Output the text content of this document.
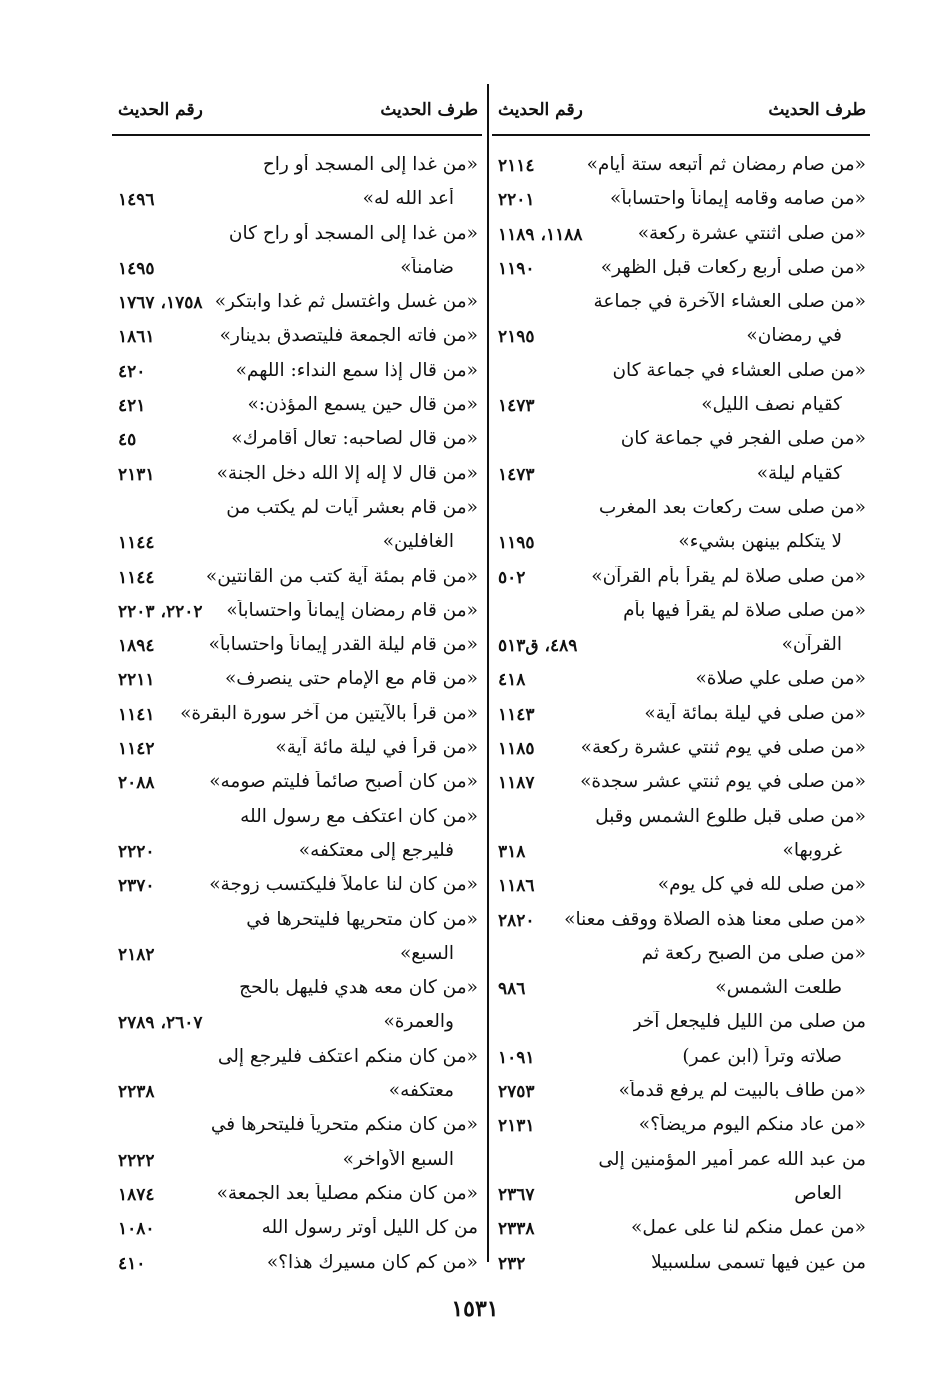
طرف الحديث
رقم الحديث
«من صام رمضان ثم أتبعه ستة أيام»
٢١١٤
«من صامه وقامه إيماناً واحتساباً»
٢٢٠١
«من صلى اثنتي عشرة ركعة»
١١٨٨، ١١٨٩
«من صلى أربع ركعات قبل الظهر»
١١٩٠
«من صلى العشاء الآخرة في جماعة
في رمضان»
٢١٩٥
«من صلى العشاء في جماعة كان
كقيام نصف الليل»
١٤٧٣
«من صلى الفجر في جماعة كان
كقيام ليلة»
١٤٧٣
«من صلى ست ركعات بعد المغرب
لا يتكلم بينهن بشيء»
١١٩٥
«من صلى صلاة لم يقرأ بأم القرآن»
٥٠٢
«من صلى صلاة لم يقرأ فيها بأم
القرآن»
٤٨٩، ق٥١٣
«من صلى علي صلاة»
٤١٨
«من صلى في ليلة بمائة آية»
١١٤٣
«من صلى في يوم ثنتي عشرة ركعة»
١١٨٥
«من صلى في يوم ثنتي عشر سجدة»
١١٨٧
«من صلى قبل طلوع الشمس وقبل
غروبها»
٣١٨
«من صلى لله في كل يوم»
١١٨٦
«من صلى معنا هذه الصلاة ووقف معنا»
٢٨٢٠
«من صلى من الصبح ركعة ثم
طلعت الشمس»
٩٨٦
من صلى من الليل فليجعل آخر
صلاته وتراً (ابن عمر)
١٠٩١
«من طاف بالبيت لم يرفع قدماً»
٢٧٥٣
«من عاد منكم اليوم مريضاً؟»
٢١٣١
من عبد الله عمر أمير المؤمنين إلى
العاص
٢٣٦٧
«من عمل منكم لنا على عمل»
٢٣٣٨
من عين فيها تسمى سلسبيلا
٢٣٢
طرف الحديث
رقم الحديث
«من غدا إلى المسجد أو راح
أعد الله له»
١٤٩٦
«من غدا إلى المسجد أو راح كان
ضامناً»
١٤٩٥
«من غسل واغتسل ثم غدا وابتكر»
١٧٥٨، ١٧٦٧
«من فاته الجمعة فليتصدق بدينار»
١٨٦١
«من قال إذا سمع النداء: اللهم»
٤٢٠
«من قال حين يسمع المؤذن:»
٤٢١
«من قال لصاحبه: تعال أقامرك»
٤٥
«من قال لا إله إلا الله دخل الجنة»
٢١٣١
«من قام بعشر آيات لم يكتب من
الغافلين»
١١٤٤
«من قام بمئة آية كتب من القانتين»
١١٤٤
«من قام رمضان إيماناً واحتساباً»
٢٢٠٢، ٢٢٠٣
«من قام ليلة القدر إيماناً واحتساباً»
١٨٩٤
«من قام مع الإمام حتى ينصرف»
٢٢١١
«من قرأ بالآيتين من آخر سورة البقرة»
١١٤١
«من قرأ في ليلة مائة آية»
١١٤٢
«من كان أصبح صائماً فليتم صومه»
٢٠٨٨
«من كان اعتكف مع رسول الله
فليرجع إلى معتكفه»
٢٢٢٠
«من كان لنا عاملاً فليكتسب زوجة»
٢٣٧٠
«من كان متحريها فليتحرها في
السبع»
٢١٨٢
«من كان معه هدي فليهل بالحج
والعمرة»
٢٦٠٧، ٢٧٨٩
«من كان منكم اعتكف فليرجع إلى
معتكفه»
٢٢٣٨
«من كان منكم متحرياً فليتحرها في
السبع الأواخر»
٢٢٢٢
«من كان منكم مصلياً بعد الجمعة»
١٨٧٤
من كل الليل أوتر رسول الله
١٠٨٠
«من كم كان مسيرك هذا؟»
٤١٠
١٥٣١
